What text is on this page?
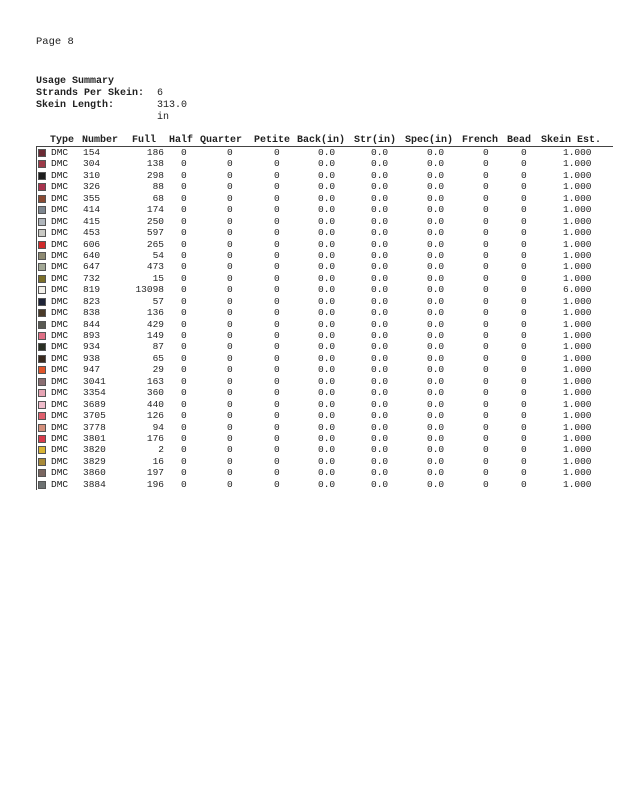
Page 8
Usage Summary
Strands Per Skein: 6
Skein Length:	313.0 in
Type Number Full Half Quarter Petite Back(in) Str(in) Spec(in) French Bead Skein Est.
DMC 154	186 0	0	0	0.0	0.0	0.0	0	0	1.000
DMC 304	138 0	0	0	0.0	0.0	0.0	0	0	1.000
DMC 310	298 0	0	0	0.0	0.0	0.0	0	0	1.000
DMC 326	88 0	0	0	0.0	0.0	0.0	0	0	1.000
DMC 355	68 0	0	0	0.0	0.0	0.0	0	0	1.000
DMC 414	174 0	0	0	0.0	0.0	0.0	0	0	1.000
DMC 415	250 0	0	0	0.0	0.0	0.0	0	0	1.000
DMC 453	597 0	0	0	0.0	0.0	0.0	0	0	1.000
DMC 606	265 0	0	0	0.0	0.0	0.0	0	0	1.000
DMC 640	54 0	0	0	0.0	0.0	0.0	0	0	1.000
DMC 647	473 0	0	0	0.0	0.0	0.0	0	0	1.000
DMC 732	15 0	0	0	0.0	0.0	0.0	0	0	1.000
DMC 819	13098 0	0	0	0.0	0.0	0.0	0	0	6.000
DMC 823	57 0	0	0	0.0	0.0	0.0	0	0	1.000
DMC 838	136 0	0	0	0.0	0.0	0.0	0	0	1.000
DMC 844	429 0	0	0	0.0	0.0	0.0	0	0	1.000
DMC 893	149 0	0	0	0.0	0.0	0.0	0	0	1.000
DMC 934	87 0	0	0	0.0	0.0	0.0	0	0	1.000
DMC 938	65 0	0	0	0.0	0.0	0.0	0	0	1.000
DMC 947	29 0	0	0	0.0	0.0	0.0	0	0	1.000
DMC 3041	163 0	0	0	0.0	0.0	0.0	0	0	1.000
DMC 3354	360 0	0	0	0.0	0.0	0.0	0	0	1.000
DMC 3689	440 0	0	0	0.0	0.0	0.0	0	0	1.000
DMC 3705	126 0	0	0	0.0	0.0	0.0	0	0	1.000
DMC 3778	94 0	0	0	0.0	0.0	0.0	0	0	1.000
DMC 3801	176 0	0	0	0.0	0.0	0.0	0	0	1.000
DMC 3820	2 0	0	0	0.0	0.0	0.0	0	0	1.000
DMC 3829	16 0	0	0	0.0	0.0	0.0	0	0	1.000
DMC 3860	197 0	0	0	0.0	0.0	0.0	0	0	1.000
DMC 3884	196 0	0	0	0.0	0.0	0.0	0	0	1.000
